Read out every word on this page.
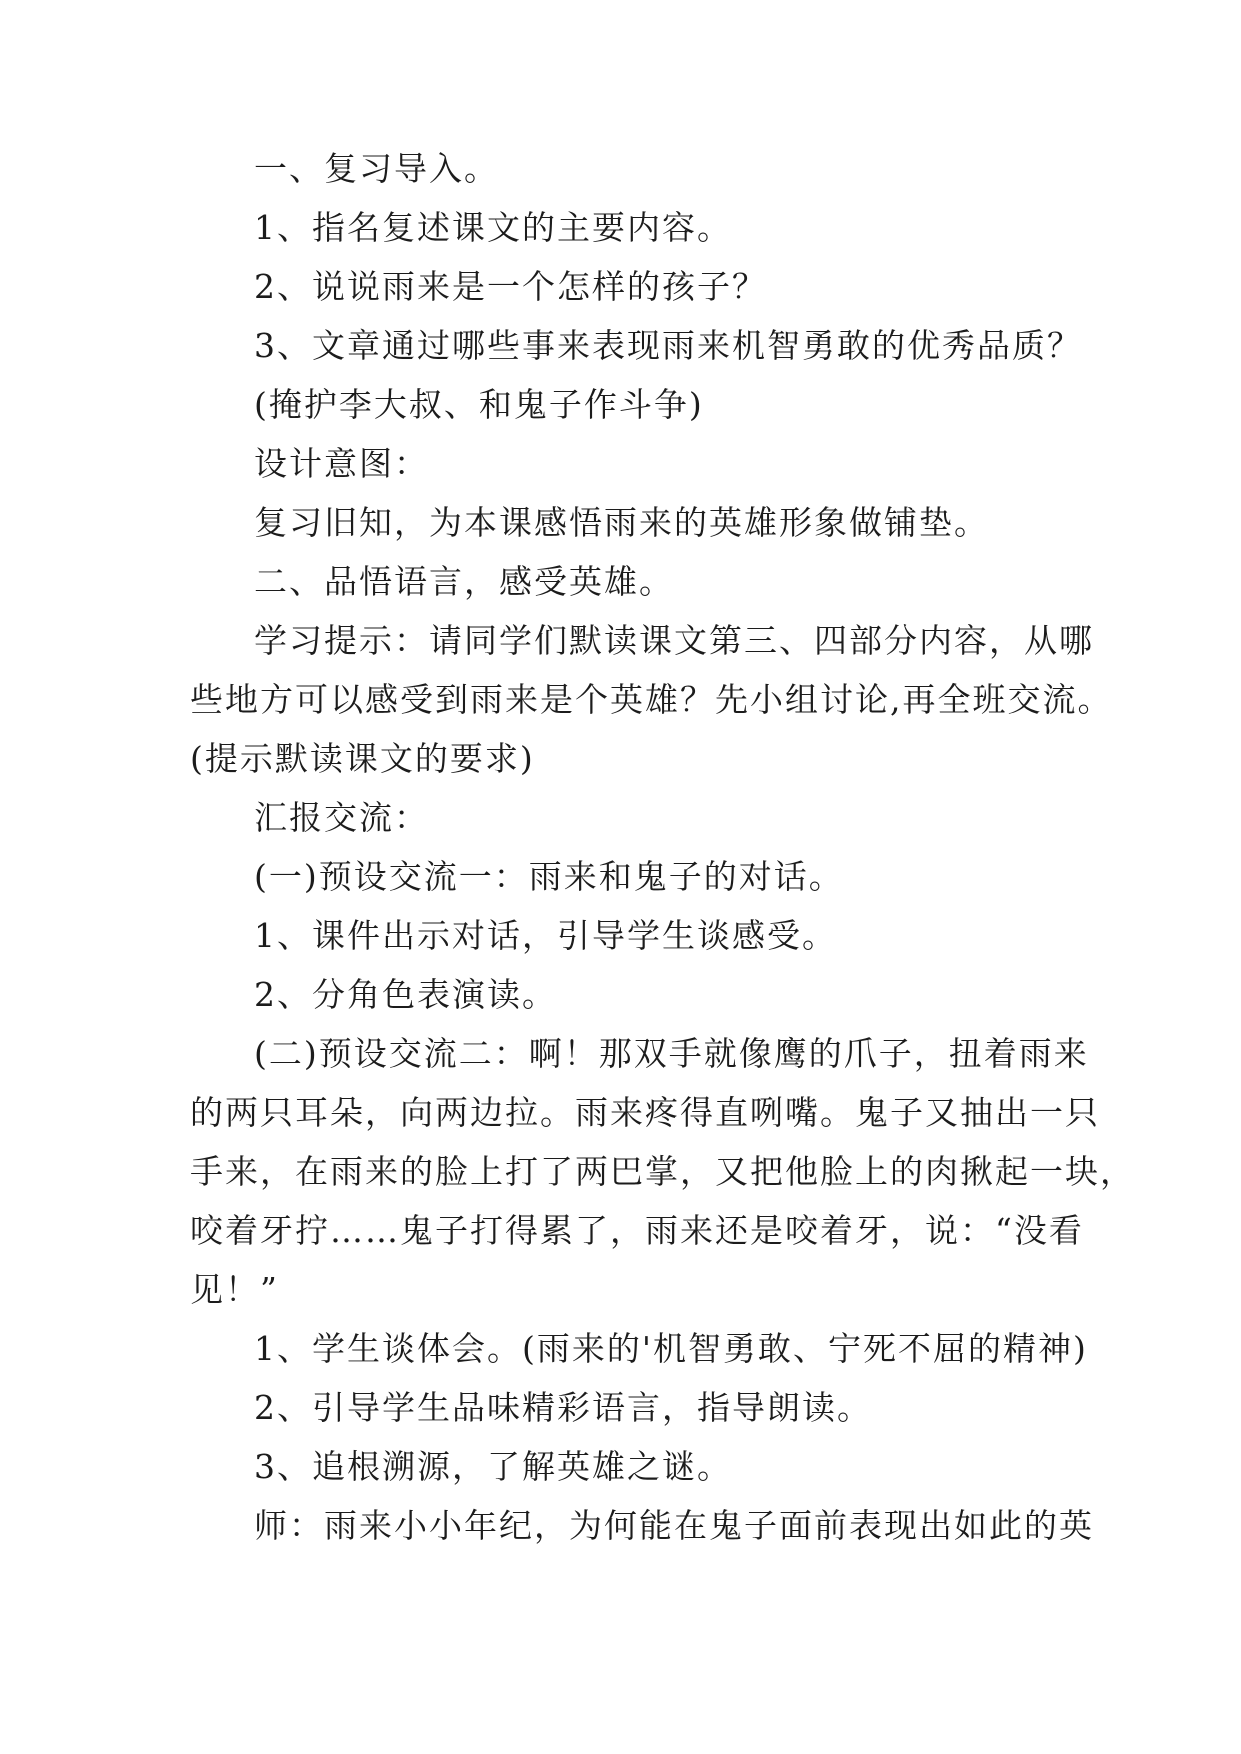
一、复习导入。
1、指名复述课文的主要内容。
2、说说雨来是一个怎样的孩子？
3、文章通过哪些事来表现雨来机智勇敢的优秀品质？
(掩护李大叔、和鬼子作斗争)
设计意图：
复习旧知，为本课感悟雨来的英雄形象做铺垫。
二、品悟语言，感受英雄。
学习提示：请同学们默读课文第三、四部分内容，从哪
些地方可以感受到雨来是个英雄？先小组讨论,再全班交流。
(提示默读课文的要求)
汇报交流：
(一)预设交流一：雨来和鬼子的对话。
1、课件出示对话，引导学生谈感受。
2、分角色表演读。
(二)预设交流二：啊！那双手就像鹰的爪子，扭着雨来
的两只耳朵，向两边拉。雨来疼得直咧嘴。鬼子又抽出一只
手来，在雨来的脸上打了两巴掌，又把他脸上的肉揪起一块，
咬着牙拧……鬼子打得累了，雨来还是咬着牙，说：“没看
见！”
1、学生谈体会。(雨来的'机智勇敢、宁死不屈的精神)
2、引导学生品味精彩语言，指导朗读。
3、追根溯源，了解英雄之谜。
师：雨来小小年纪，为何能在鬼子面前表现出如此的英
